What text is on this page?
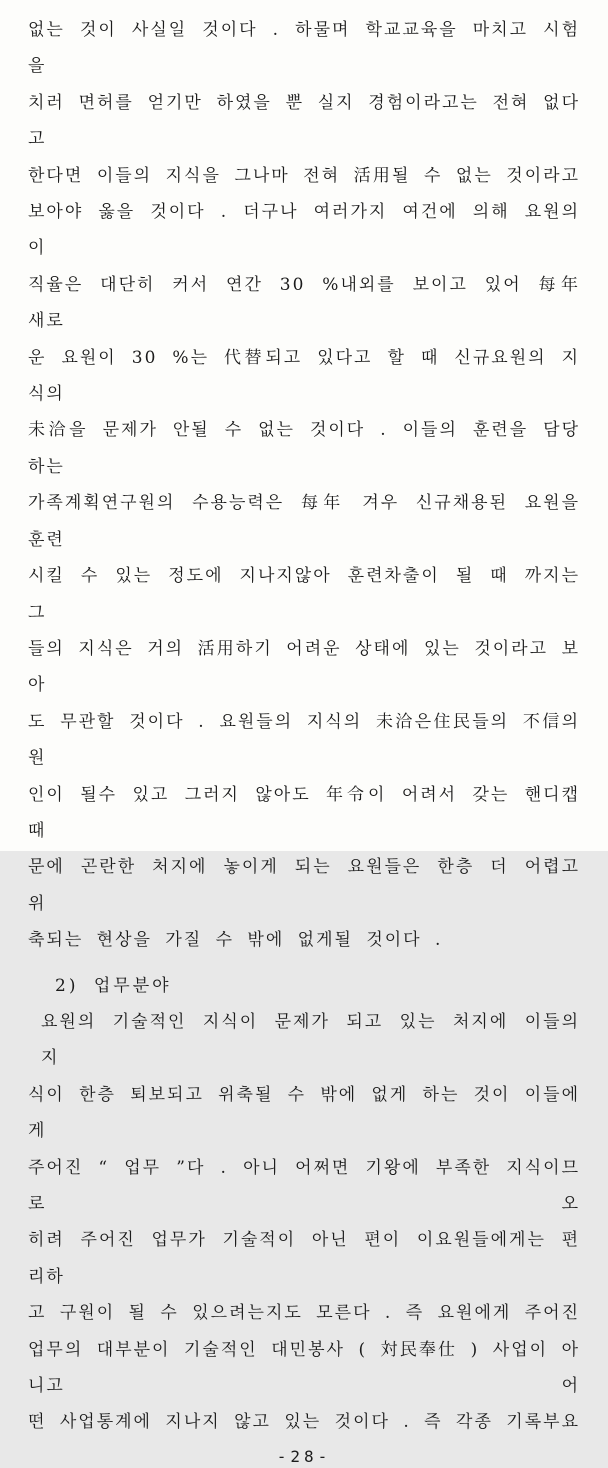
없는 것이 사실일 것이다 . 하물며 학교교육을 마치고 시험을
치러 면허를 얻기만 하였을 뿐 실지 경험이라고는 전혀 없다고
한다면 이들의 지식을 그나마 전혀 活用될 수 없는 것이라고
보아야 옳을 것이다 . 더구나 여러가지 여건에 의해 요원의 이
직율은 대단히 커서 연간 30 %내외를 보이고 있어 每年 새로
운 요원이 30 %는 代替되고 있다고 할 때 신규요원의 지식의
未洽을 문제가 안될 수 없는 것이다 . 이들의 훈련을 담당하는
가족계획연구원의 수용능력은 每年 겨우 신규채용된 요원을 훈련
시킬 수 있는 정도에 지나지않아 훈련차출이 될 때 까지는 그
들의 지식은 거의 活用하기 어려운 상태에 있는 것이라고 보아
도 무관할 것이다 . 요원들의 지식의 未洽은住民들의 不信의 원
인이 될수 있고 그러지 않아도 年令이 어려서 갖는 핸디캡 때
문에 곤란한 처지에 놓이게 되는 요원들은 한층 더 어렵고 위
축되는 현상을 가질 수 밖에 없게될 것이다 .
2) 업무분야
요원의 기술적인 지식이 문제가 되고 있는 처지에 이들의 지
식이 한층 퇴보되고 위축될 수 밖에 없게 하는 것이 이들에게
주어진 “ 업무 ”다 . 아니 어쩌면 기왕에 부족한 지식이므로 오
히려 주어진 업무가 기술적이 아닌 편이 이요원들에게는 편리하
고 구원이 될 수 있으려는지도 모른다 . 즉 요원에게 주어진
업무의 대부분이 기술적인 대민봉사 ( 対民奉仕 ) 사업이 아니고 어
떤 사업통계에 지나지 않고 있는 것이다 . 즉 각종 기록부요
-28-
